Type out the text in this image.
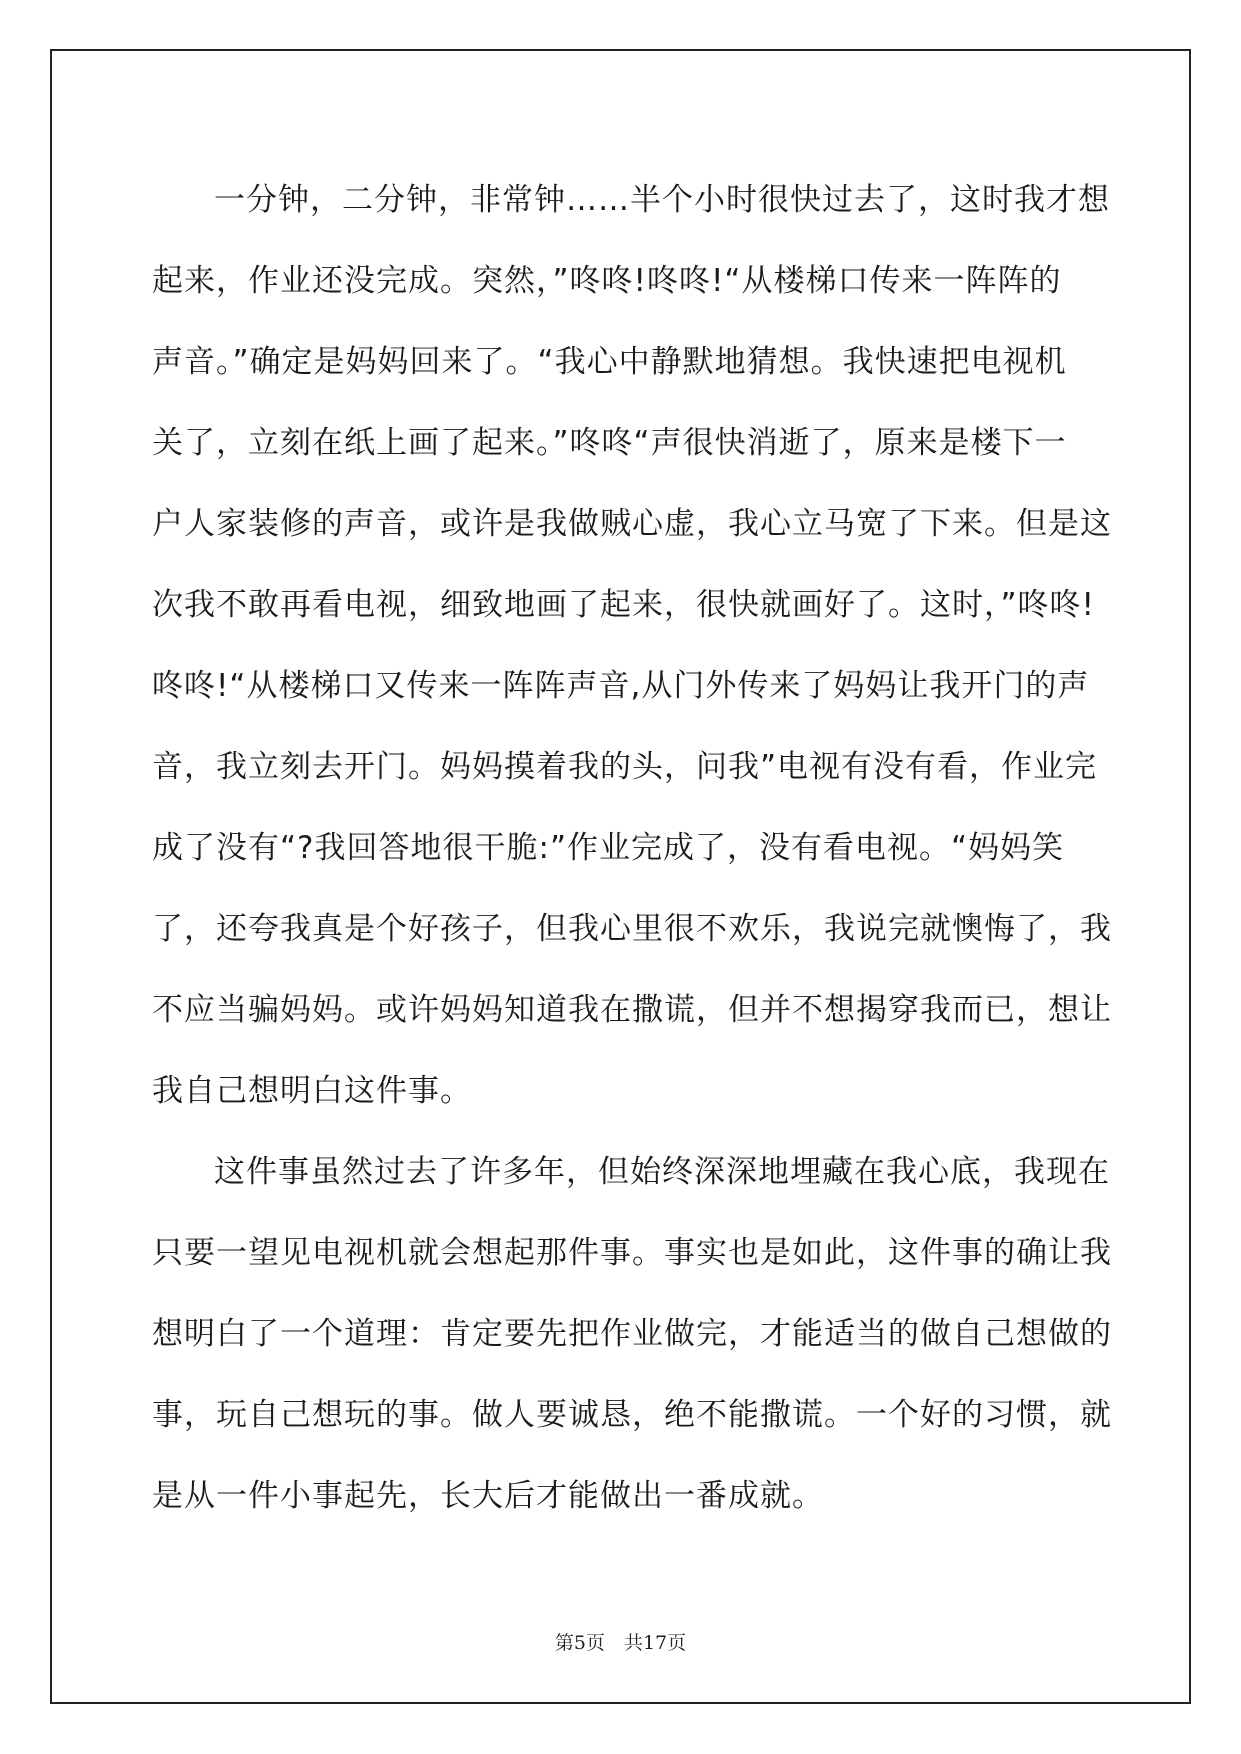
一分钟，二分钟，非常钟……半个小时很快过去了，这时我才想
起来，作业还没完成。突然，”咚咚!咚咚!“从楼梯口传来一阵阵的
声音。”确定是妈妈回来了。“我心中静默地猜想。我快速把电视机
关了，立刻在纸上画了起来。”咚咚“声很快消逝了，原来是楼下一
户人家装修的声音，或许是我做贼心虚，我心立马宽了下来。但是这
次我不敢再看电视，细致地画了起来，很快就画好了。这时，”咚咚!
咚咚!“从楼梯口又传来一阵阵声音,从门外传来了妈妈让我开门的声
音，我立刻去开门。妈妈摸着我的头，问我”电视有没有看，作业完
成了没有“?我回答地很干脆:”作业完成了，没有看电视。“妈妈笑
了，还夸我真是个好孩子，但我心里很不欢乐，我说完就懊悔了，我
不应当骗妈妈。或许妈妈知道我在撒谎，但并不想揭穿我而已，想让
我自己想明白这件事。
这件事虽然过去了许多年，但始终深深地埋藏在我心底，我现在
只要一望见电视机就会想起那件事。事实也是如此，这件事的确让我
想明白了一个道理：肯定要先把作业做完，才能适当的做自己想做的
事，玩自己想玩的事。做人要诚恳，绝不能撒谎。一个好的习惯，就
是从一件小事起先，长大后才能做出一番成就。
第5页　共17页
